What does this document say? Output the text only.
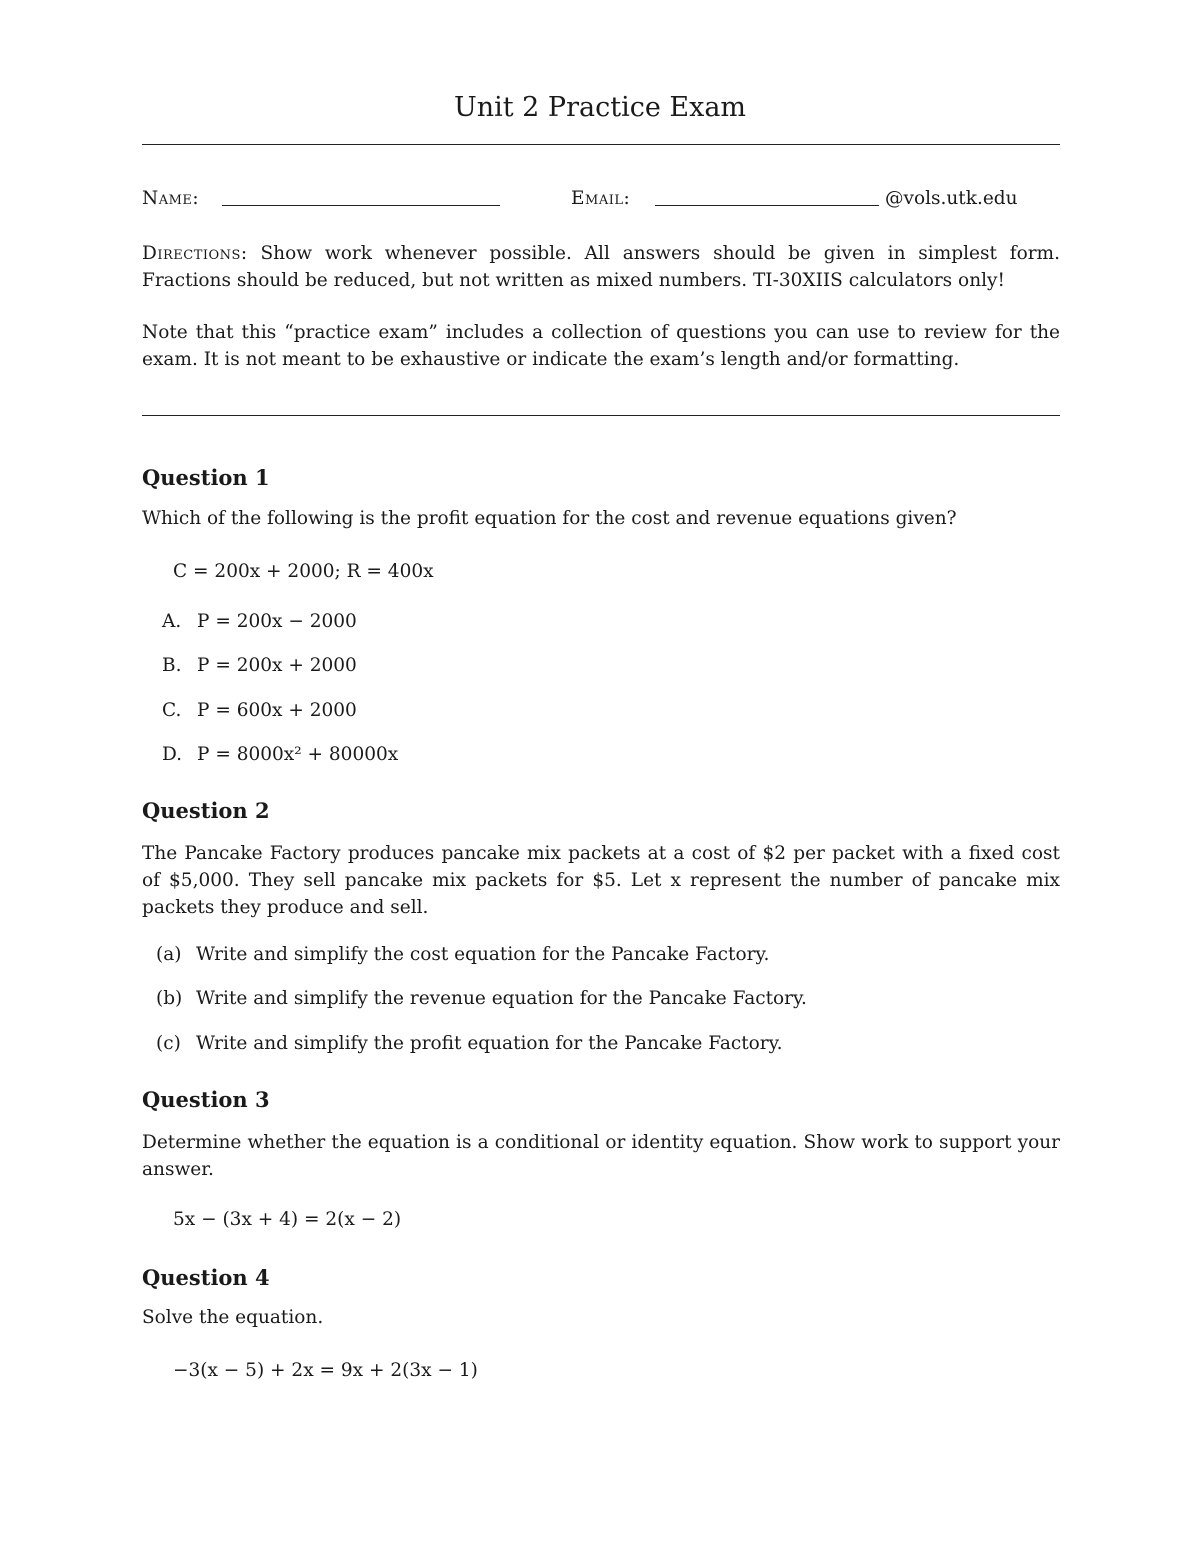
Unit 2 Practice Exam
Name:	Email:	@vols.utk.edu
Directions: Show work whenever possible. All answers should be given in simplest form. Fractions should be reduced, but not written as mixed numbers. TI-30XIIS calculators only!
Note that this “practice exam” includes a collection of questions you can use to review for the exam. It is not meant to be exhaustive or indicate the exam’s length and/or formatting.
Question 1
Which of the following is the profit equation for the cost and revenue equations given?
C = 200x + 2000; R = 400x
A. P = 200x − 2000
B. P = 200x + 2000
C. P = 600x + 2000
D. P = 8000x² + 80000x
Question 2
The Pancake Factory produces pancake mix packets at a cost of $2 per packet with a fixed cost of $5,000. They sell pancake mix packets for $5. Let x represent the number of pancake mix packets they produce and sell.
(a) Write and simplify the cost equation for the Pancake Factory.
(b) Write and simplify the revenue equation for the Pancake Factory.
(c) Write and simplify the profit equation for the Pancake Factory.
Question 3
Determine whether the equation is a conditional or identity equation. Show work to support your answer.
5x − (3x + 4) = 2(x − 2)
Question 4
Solve the equation.
−3(x − 5) + 2x = 9x + 2(3x − 1)
